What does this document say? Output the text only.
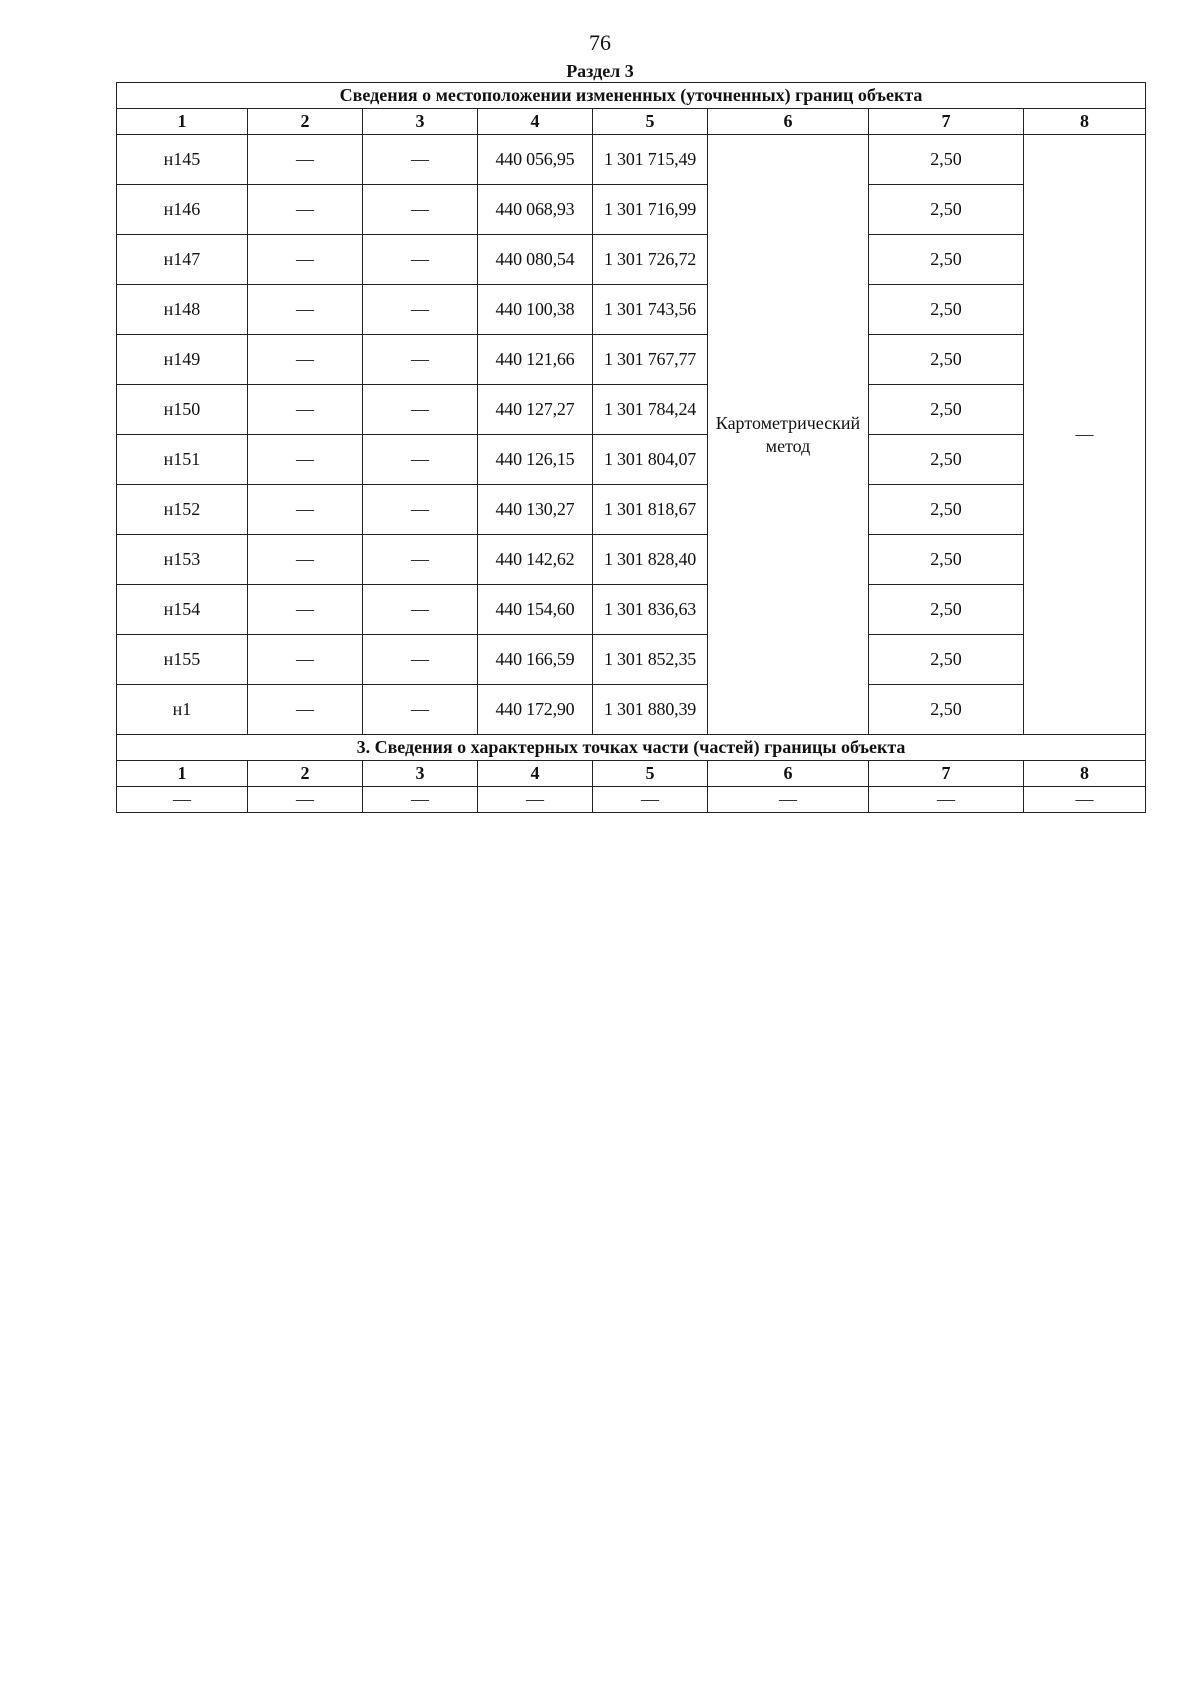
76
Раздел 3
Сведения о местоположении измененных (уточненных) границ объекта							
1	2	3	4	5	6	7	8
н145	—	—	440 056,95	1 301 715,49	Картометрический метод	2,50	—
н146	—	—	440 068,93	1 301 716,99		2,50	
н147	—	—	440 080,54	1 301 726,72		2,50	
н148	—	—	440 100,38	1 301 743,56		2,50	
н149	—	—	440 121,66	1 301 767,77		2,50	
н150	—	—	440 127,27	1 301 784,24		2,50	
н151	—	—	440 126,15	1 301 804,07		2,50	
н152	—	—	440 130,27	1 301 818,67		2,50	
н153	—	—	440 142,62	1 301 828,40		2,50	
н154	—	—	440 154,60	1 301 836,63		2,50	
н155	—	—	440 166,59	1 301 852,35		2,50	
н1	—	—	440 172,90	1 301 880,39		2,50	
3. Сведения о характерных точках части (частей) границы объекта							
1	2	3	4	5	6	7	8
—	—	—	—	—	—	—	—
